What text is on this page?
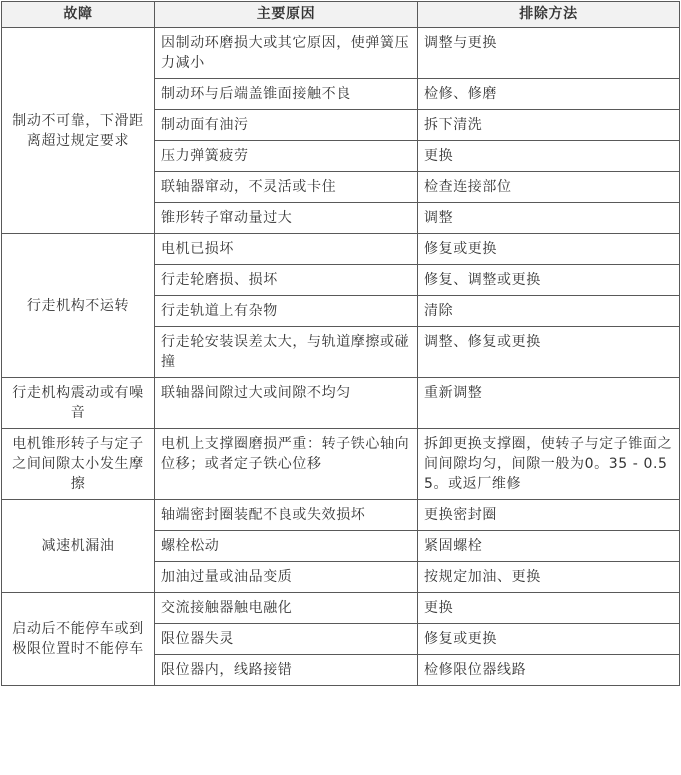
故障	主要原因	排除方法
制动不可靠，下滑距离超过规定要求	因制动环磨损大或其它原因，使弹簧压力减小	调整与更换
	制动环与后端盖锥面接触不良	检修、修磨
	制动面有油污	拆下清洗
	压力弹簧疲劳	更换
	联轴器窜动，不灵活或卡住	检查连接部位
	锥形转子窜动量过大	调整
行走机构不运转	电机已损坏	修复或更换
	行走轮磨损、损坏	修复、调整或更换
	行走轨道上有杂物	清除
	行走轮安装误差太大，与轨道摩擦或碰撞	调整、修复或更换
行走机构震动或有噪音	联轴器间隙过大或间隙不均匀	重新调整
电机锥形转子与定子之间间隙太小发生摩擦	电机上支撑圈磨损严重：转子铁心轴向位移；或者定子铁心位移	拆卸更换支撑圈，使转子与定子锥面之间间隙均匀，间隙一般为0。35 - 0.55。或返厂维修
减速机漏油	轴端密封圈装配不良或失效损坏	更换密封圈
	螺栓松动	紧固螺栓
	加油过量或油品变质	按规定加油、更换
启动后不能停车或到极限位置时不能停车	交流接触器触电融化	更换
	限位器失灵	修复或更换
	限位器内，线路接错	检修限位器线路
